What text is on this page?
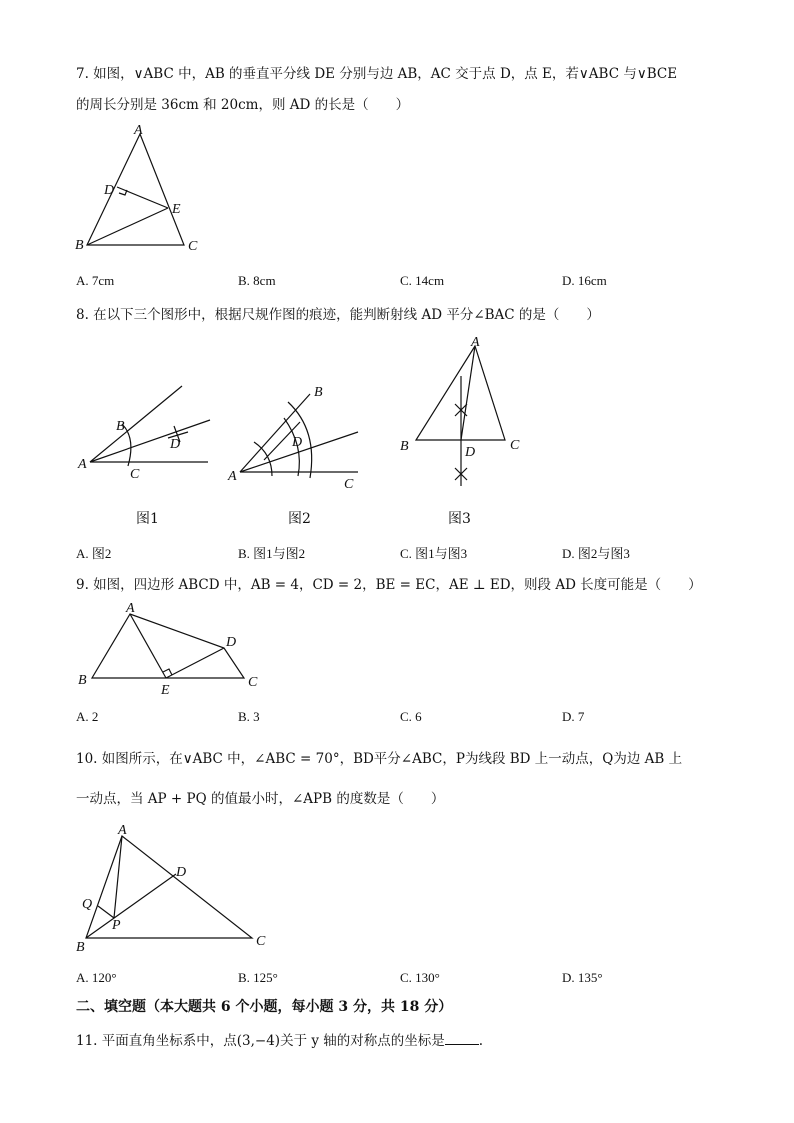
7. 如图，∨ABC 中，AB 的垂直平分线 DE 分别与边 AB，AC 交于点 D，点 E，若∨ABC 与∨BCE
的周长分别是 36cm 和 20cm，则 AD 的长是（　　）
A
B	C
D
E
A. 7cm	B. 8cm	C. 14cm	D. 16cm
8. 在以下三个图形中，根据尺规作图的痕迹，能判断射线 AD 平分∠BAC 的是（　　）
A
B
C
D
图1
A
B
C
D
图2
A
B	C
D
图3
A. 图2	B. 图1与图2	C. 图1与图3	D. 图2与图3
9. 如图，四边形 ABCD 中，AB = 4，CD = 2，BE = EC，AE ⊥ ED，则段 AD 长度可能是（　　）
A
B	C
D
E
A. 2	B. 3	C. 6	D. 7
10. 如图所示，在∨ABC 中，∠ABC = 70°，BD平分∠ABC，P为线段 BD 上一动点，Q为边 AB 上
一动点，当 AP + PQ 的值最小时，∠APB 的度数是（　　）
A
B	C
D
P
Q
A. 120°	B. 125°	C. 130°	D. 135°
二、填空题（本大题共 6 个小题，每小题 3 分，共 18 分）
11. 平面直角坐标系中，点(3,−4)关于 y 轴的对称点的坐标是	.
